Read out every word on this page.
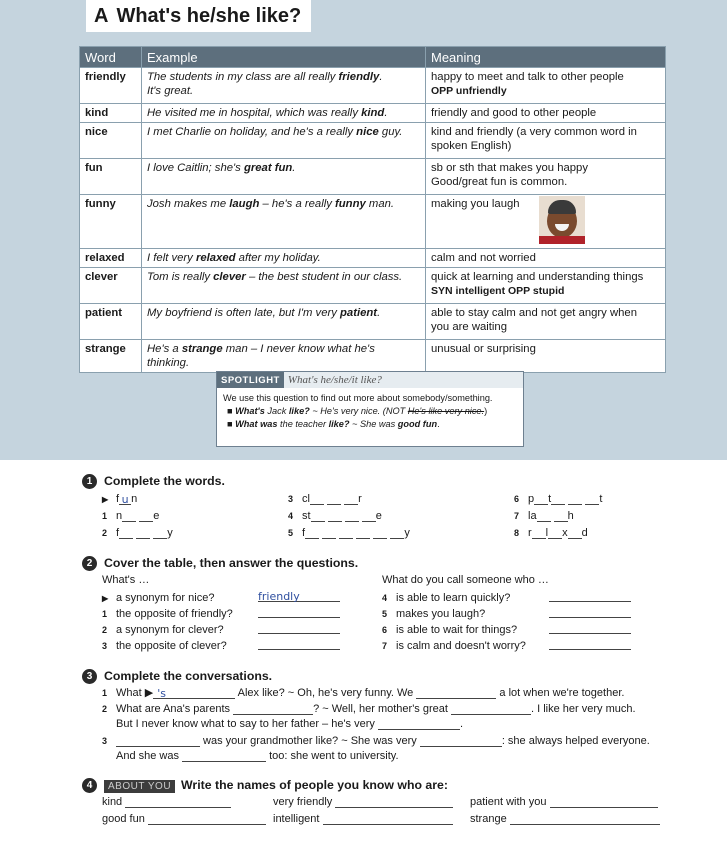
A What's he/she like?
Word	Example	Meaning
friendly	The students in my class are all really friendly.
It's great.	happy to meet and talk to other people
OPP unfriendly
kind	He visited me in hospital, which was really kind.	friendly and good to other people
nice	I met Charlie on holiday, and he's a really nice guy.	kind and friendly (a very common word in
spoken English)
fun	I love Caitlin; she's great fun.	sb or sth that makes you happy
Good/great fun is common.
funny	Josh makes me laugh – he's a really funny man.	making you laugh
relaxed	I felt very relaxed after my holiday.	calm and not worried
clever	Tom is really clever – the best student in our class.	quick at learning and understanding things
SYN intelligent OPP stupid
patient	My boyfriend is often late, but I'm very patient.	able to stay calm and not get angry when
you are waiting
strange	He's a strange man – I never know what he's thinking.	unusual or surprising
SPOTLIGHT What's he/she/it like?
We use this question to find out more about somebody/something.
■ What's Jack like? ~ He's very nice. (NOT He's like very nice.)
■ What was the teacher like? ~ She was good fun.
1 Complete the words.
▶ f u n
1 n	e
2 f	y
3 cl	r
4 st	e
5 f	y
6 p t	t
7 la	h
8 r l x d
2 Cover the table, then answer the questions.
What's …	What do you call someone who …
▶ a synonym for nice?	friendly
1 the opposite of friendly?
2 a synonym for clever?
3 the opposite of clever?
4 is able to learn quickly?
5 makes you laugh?
6 is able to wait for things?
7 is calm and doesn't worry?
3 Complete the conversations.
1 What ▶ 's	Alex like? ~ Oh, he's very funny. We	a lot when we're together.
2 What are Ana's parents	? ~ Well, her mother's great	. I like her very much.
But I never know what to say to her father – he's very	.
3	was your grandmother like? ~ She was very	: she always helped everyone.
And she was	too: she went to university.
4 ABOUT YOU Write the names of people you know who are:
kind
good fun
very friendly
intelligent
patient with you
strange
